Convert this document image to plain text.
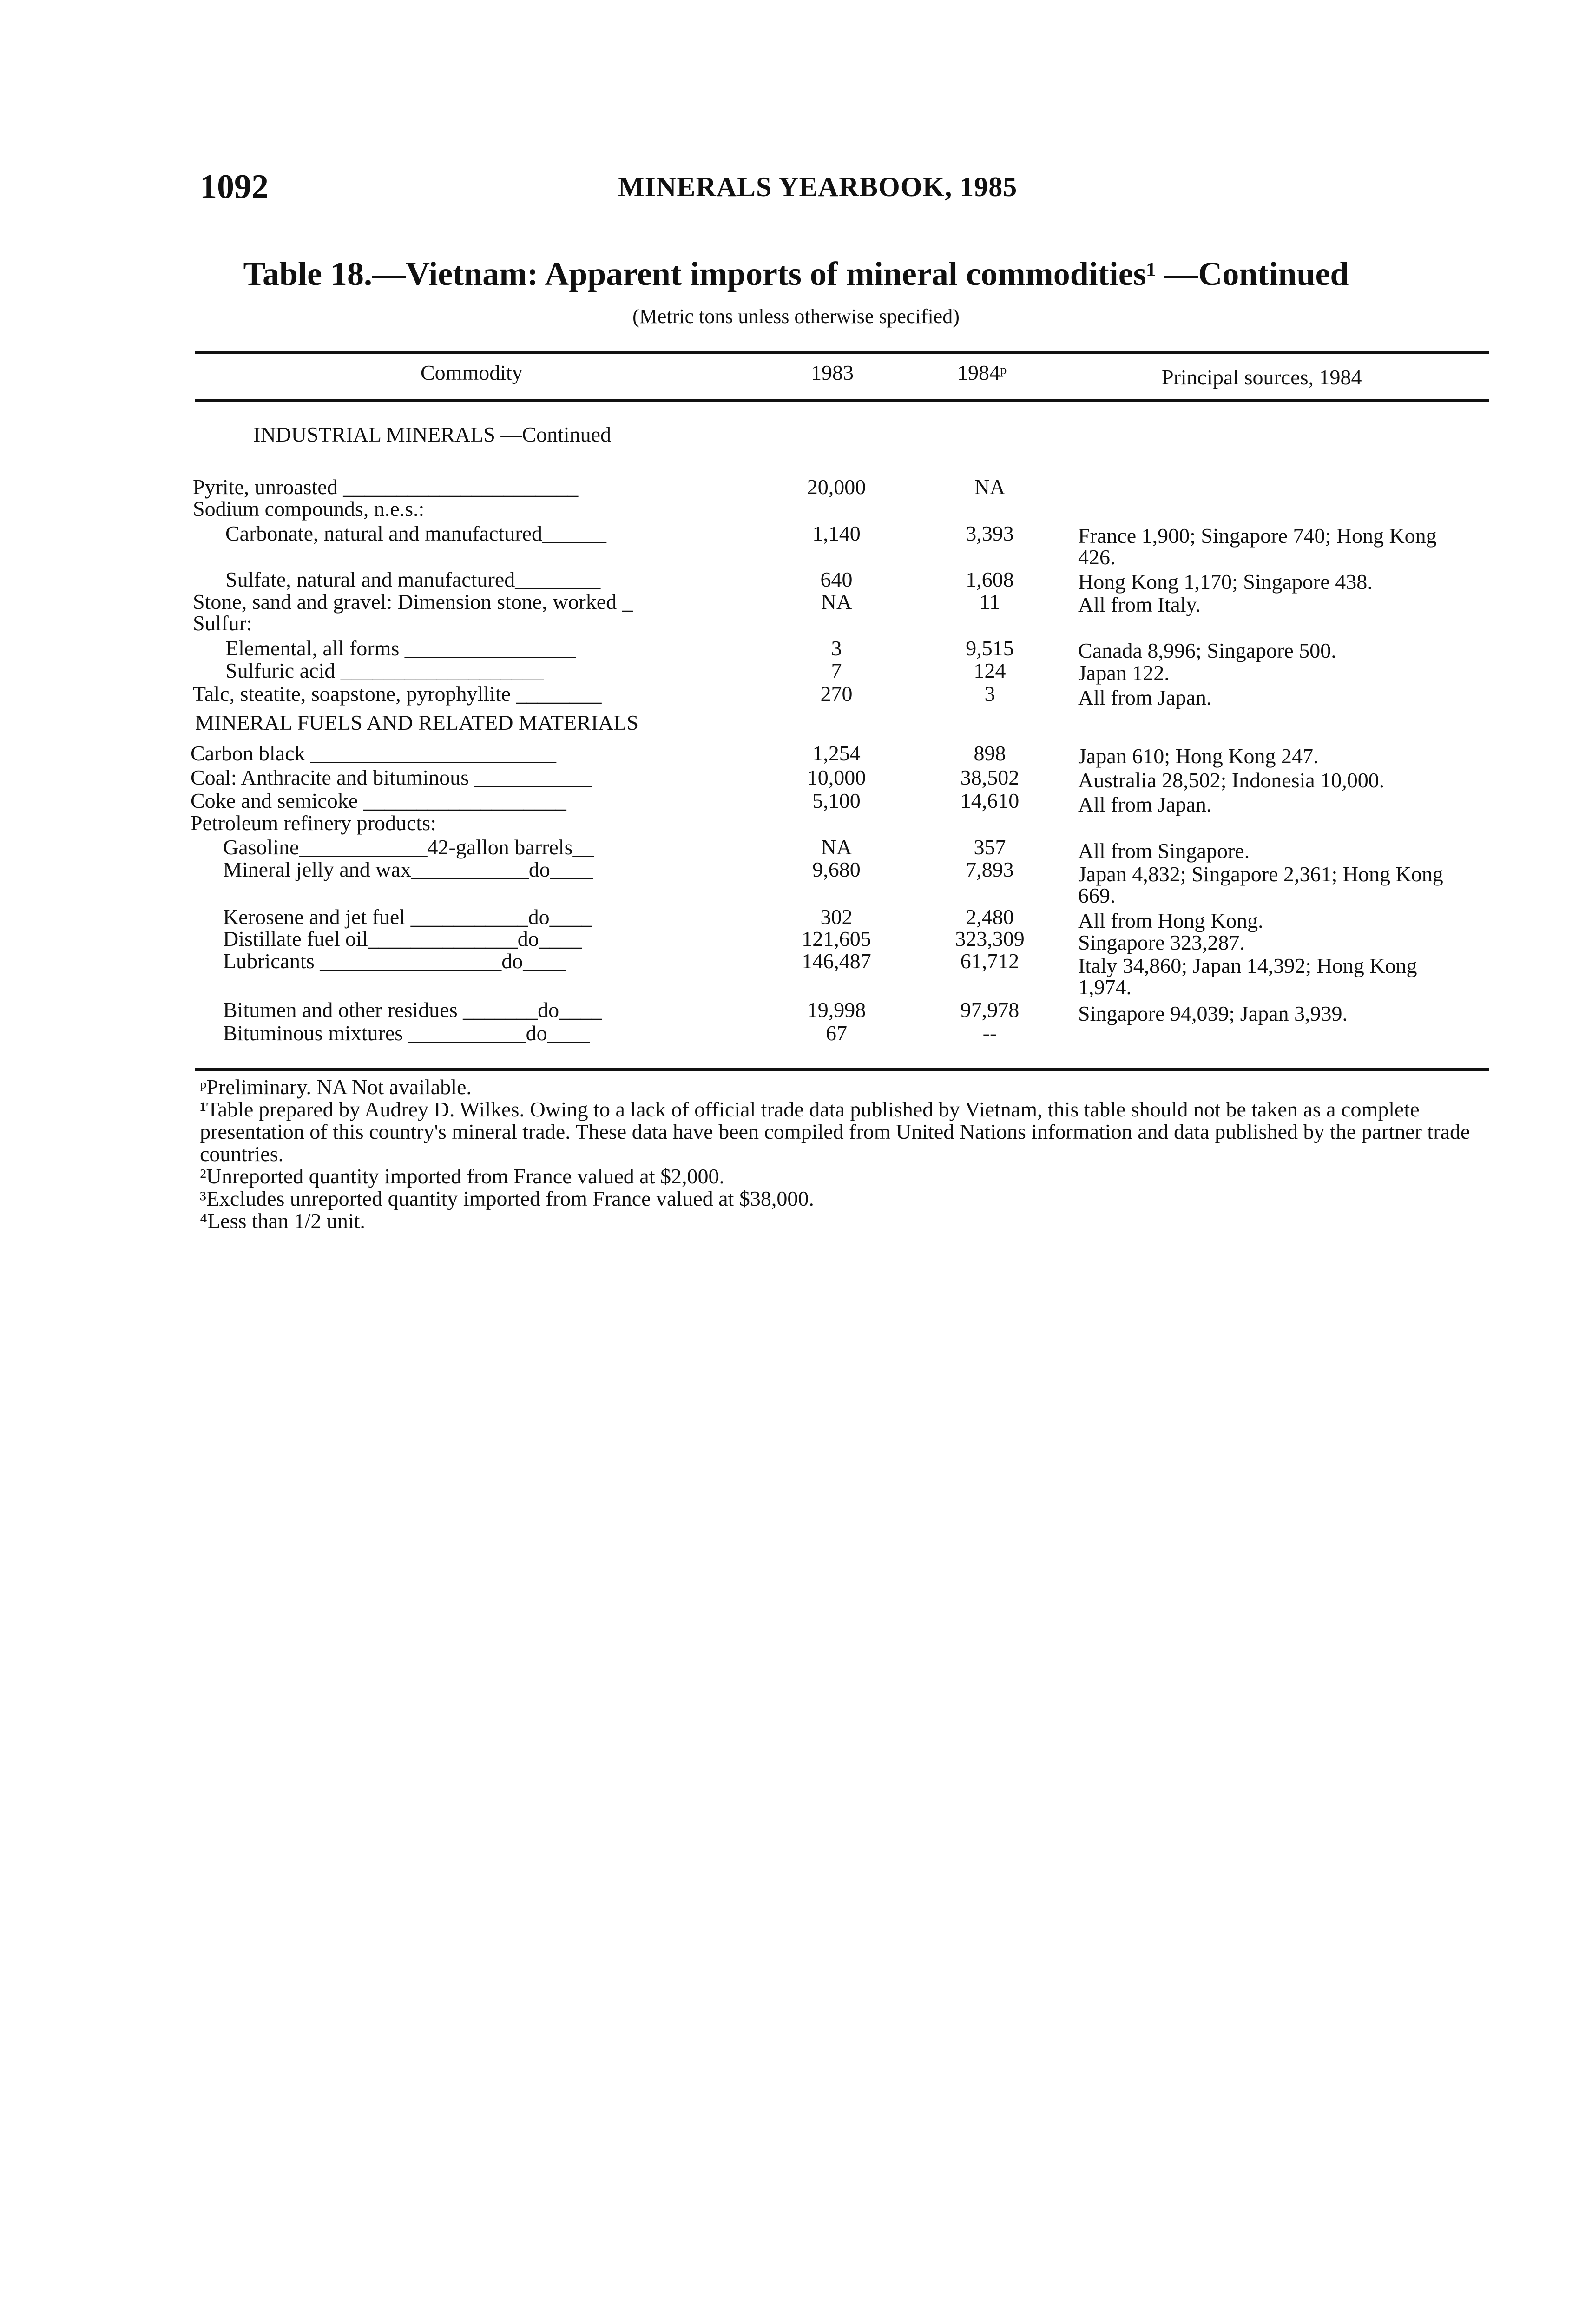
1092	MINERALS YEARBOOK, 1985
Table 18.—Vietnam: Apparent imports of mineral commodities¹ —Continued
(Metric tons unless otherwise specified)
Commodity	1983	1984ᵖ	Principal sources, 1984
INDUSTRIAL MINERALS —Continued
Pyrite, unroasted ______________________	20,000	NA
Sodium compounds, n.e.s.:
Carbonate, natural and manufactured______	1,140	3,393	France 1,900; Singapore 740; Hong Kong 426.
Sulfate, natural and manufactured________	640	1,608	Hong Kong 1,170; Singapore 438.
Stone, sand and gravel: Dimension stone, worked _	NA	11	All from Italy.
Sulfur:
Elemental, all forms ________________	3	9,515	Canada 8,996; Singapore 500.
Sulfuric acid ___________________	7	124	Japan 122.
Talc, steatite, soapstone, pyrophyllite ________	270	3	All from Japan.
MINERAL FUELS AND RELATED MATERIALS
Carbon black _______________________	1,254	898	Japan 610; Hong Kong 247.
Coal: Anthracite and bituminous ___________	10,000	38,502	Australia 28,502; Indonesia 10,000.
Coke and semicoke ___________________	5,100	14,610	All from Japan.
Petroleum refinery products:
Gasoline____________42-gallon barrels__	NA	357	All from Singapore.
Mineral jelly and wax___________do____	9,680	7,893	Japan 4,832; Singapore 2,361; Hong Kong 669.
Kerosene and jet fuel ___________do____	302	2,480	All from Hong Kong.
Distillate fuel oil______________do____	121,605	323,309	Singapore 323,287.
Lubricants _________________do____	146,487	61,712	Italy 34,860; Japan 14,392; Hong Kong 1,974.
Bitumen and other residues _______do____	19,998	97,978	Singapore 94,039; Japan 3,939.
Bituminous mixtures ___________do____	67	--

ᵖPreliminary. NA Not available.

¹Table prepared by Audrey D. Wilkes. Owing to a lack of official trade data published by Vietnam, this table should not be taken as a complete presentation of this country's mineral trade. These data have been compiled from United Nations information and data published by the partner trade countries.

²Unreported quantity imported from France valued at $2,000.

³Excludes unreported quantity imported from France valued at $38,000.

⁴Less than 1/2 unit.
